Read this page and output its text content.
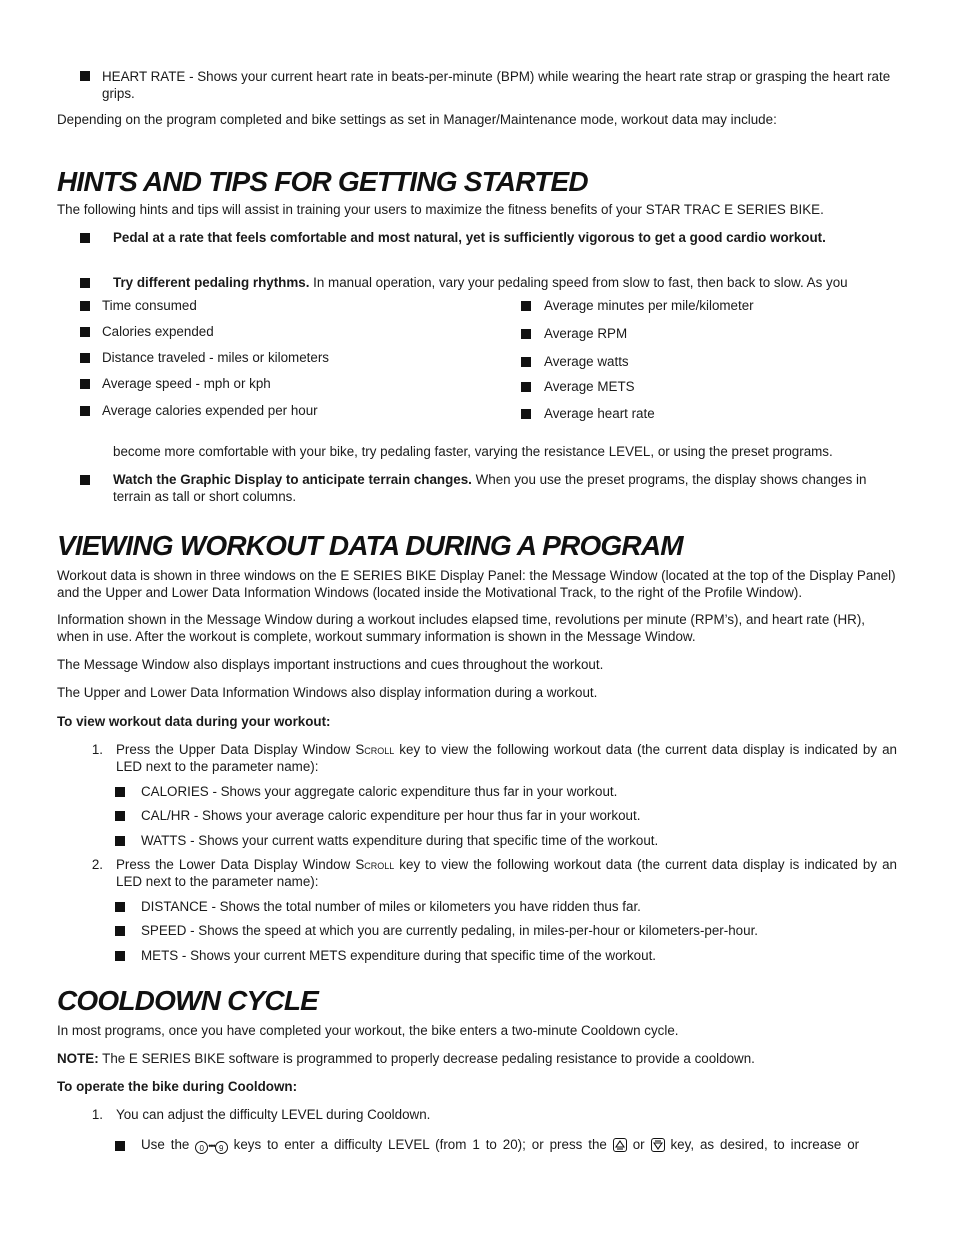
HEART RATE - Shows your current heart rate in beats-per-minute (BPM) while wearing the heart rate strap or grasping the heart rate grips.

Depending on the program completed and bike settings as set in Manager/Maintenance mode, workout data may include:

HINTS AND TIPS FOR GETTING STARTED

The following hints and tips will assist in training your users to maximize the fitness benefits of your STAR TRAC E SERIES BIKE.

Pedal at a rate that feels comfortable and most natural, yet is sufficiently vigorous to get a good cardio workout.

Try different pedaling rhythms. In manual operation, vary your pedaling speed from slow to fast, then back to slow. As you

Time consumed

Calories expended

Distance traveled - miles or kilometers

Average speed - mph or kph

Average calories expended per hour

Average minutes per mile/kilometer

Average RPM

Average watts

Average METS

Average heart rate

become more comfortable with your bike, try pedaling faster, varying the resistance LEVEL, or using the preset programs.

Watch the Graphic Display to anticipate terrain changes. When you use the preset programs, the display shows changes in terrain as tall or short columns.

VIEWING WORKOUT DATA DURING A PROGRAM

Workout data is shown in three windows on the E SERIES BIKE Display Panel: the Message Window (located at the top of the Display Panel) and the Upper and Lower Data Information Windows (located inside the Motivational Track, to the right of the Profile Window).

Information shown in the Message Window during a workout includes elapsed time, revolutions per minute (RPM’s), and heart rate (HR), when in use. After the workout is complete, workout summary information is shown in the Message Window.

The Message Window also displays important instructions and cues throughout the workout.

The Upper and Lower Data Information Windows also display information during a workout.

To view workout data during your workout:

1. Press the Upper Data Display Window Scroll key to view the following workout data (the current data display is indicated by an LED next to the parameter name):

CALORIES - Shows your aggregate caloric expenditure thus far in your workout.

CAL/HR - Shows your average caloric expenditure per hour thus far in your workout.

WATTS - Shows your current watts expenditure during that specific time of the workout.

2. Press the Lower Data Display Window Scroll key to view the following workout data (the current data display is indicated by an LED next to the parameter name):

DISTANCE - Shows the total number of miles or kilometers you have ridden thus far.

SPEED - Shows the speed at which you are currently pedaling, in miles-per-hour or kilometers-per-hour.

METS - Shows your current METS expenditure during that specific time of the workout.

COOLDOWN CYCLE

In most programs, once you have completed your workout, the bike enters a two-minute Cooldown cycle.

NOTE: The E SERIES BIKE software is programmed to properly decrease pedaling resistance to provide a cooldown.

To operate the bike during Cooldown:

1. You can adjust the difficulty LEVEL during Cooldown.

Use the 0 ••• 9 keys to enter a difficulty LEVEL (from 1 to 20); or press the
or
key, as desired, to increase or
